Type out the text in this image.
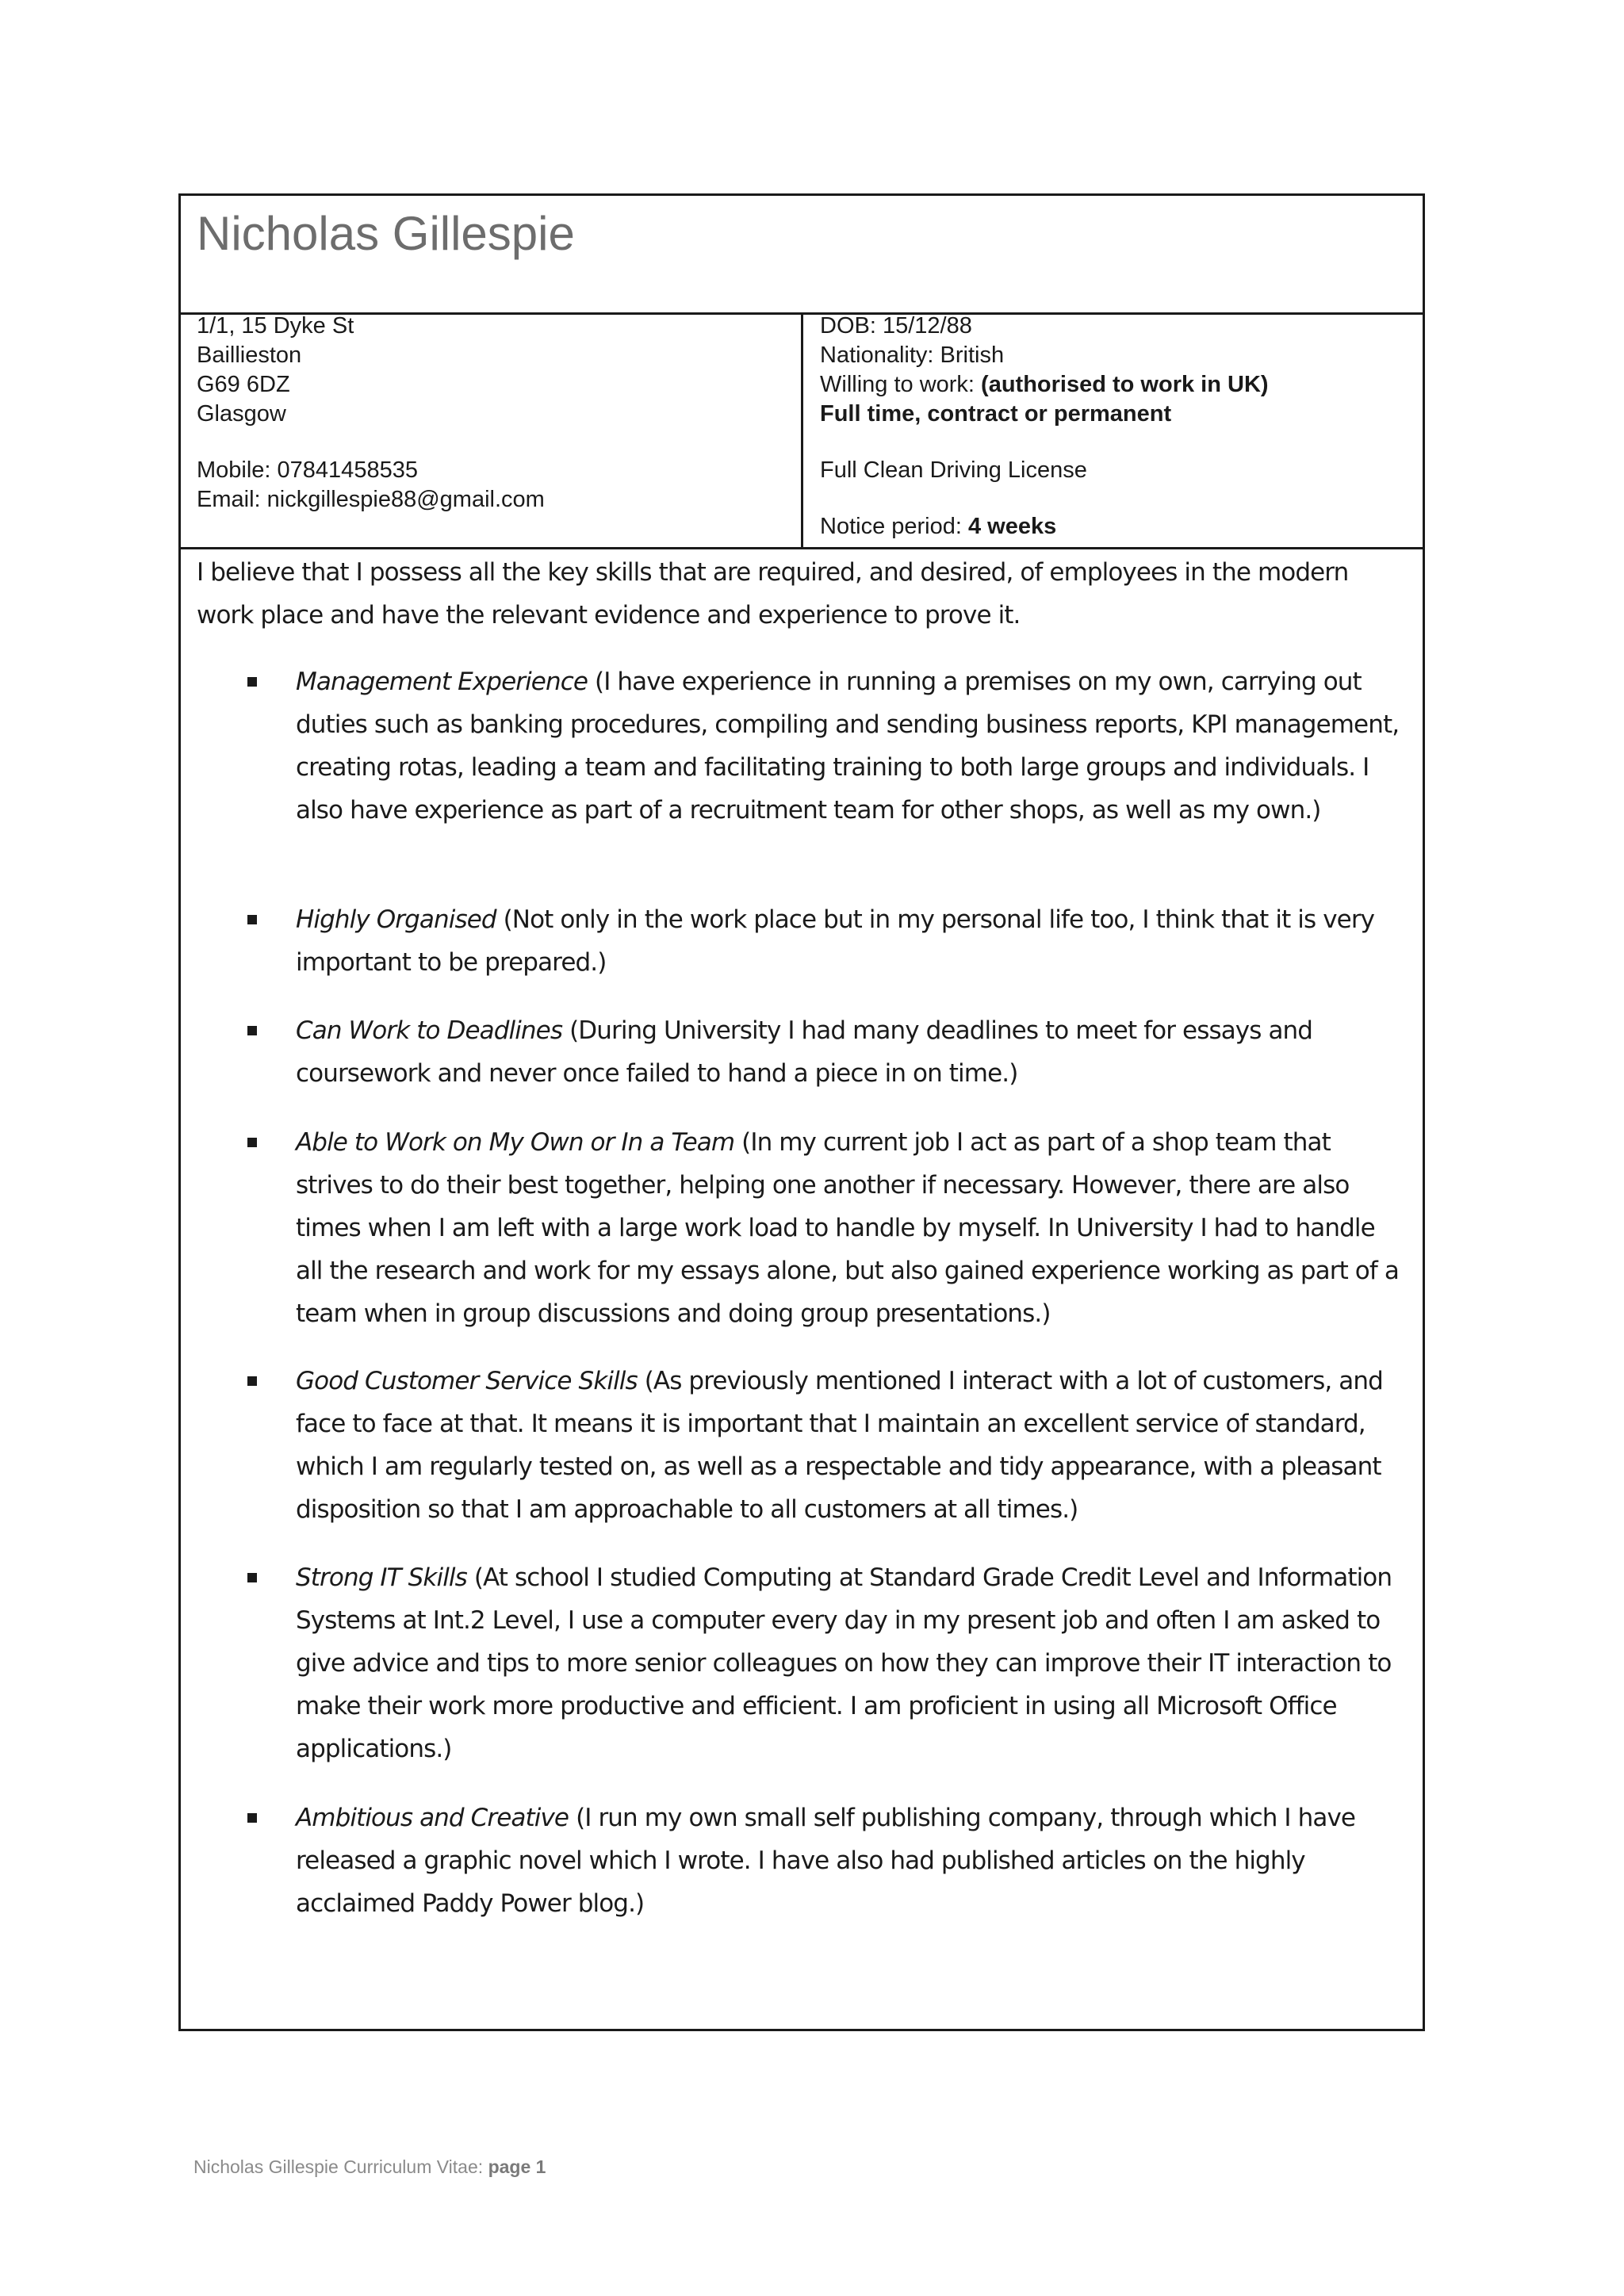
Nicholas Gillespie
1/1, 15 Dyke St
Baillieston
G69 6DZ
Glasgow
Mobile: 07841458535
Email: nickgillespie88@gmail.com
DOB: 15/12/88
Nationality: British
Willing to work: (authorised to work in UK)
Full time, contract or permanent
Full Clean Driving License
Notice period: 4 weeks
I believe that I possess all the key skills that are required, and desired, of employees in the modern work place and have the relevant evidence and experience to prove it.
Management Experience (I have experience in running a premises on my own, carrying out duties such as banking procedures, compiling and sending business reports, KPI management, creating rotas, leading a team and facilitating training to both large groups and individuals. I also have experience as part of a recruitment team for other shops, as well as my own.)
Highly Organised (Not only in the work place but in my personal life too, I think that it is very important to be prepared.)
Can Work to Deadlines (During University I had many deadlines to meet for essays and coursework and never once failed to hand a piece in on time.)
Able to Work on My Own or In a Team (In my current job I act as part of a shop team that strives to do their best together, helping one another if necessary. However, there are also times when I am left with a large work load to handle by myself. In University I had to handle all the research and work for my essays alone, but also gained experience working as part of a team when in group discussions and doing group presentations.)
Good Customer Service Skills (As previously mentioned I interact with a lot of customers, and face to face at that. It means it is important that I maintain an excellent service of standard, which I am regularly tested on, as well as a respectable and tidy appearance, with a pleasant disposition so that I am approachable to all customers at all times.)
Strong IT Skills (At school I studied Computing at Standard Grade Credit Level and Information Systems at Int.2 Level, I use a computer every day in my present job and often I am asked to give advice and tips to more senior colleagues on how they can improve their IT interaction to make their work more productive and efficient. I am proficient in using all Microsoft Office applications.)
Ambitious and Creative (I run my own small self publishing company, through which I have released a graphic novel which I wrote. I have also had published articles on the highly acclaimed Paddy Power blog.)
Nicholas Gillespie Curriculum Vitae: page 1
